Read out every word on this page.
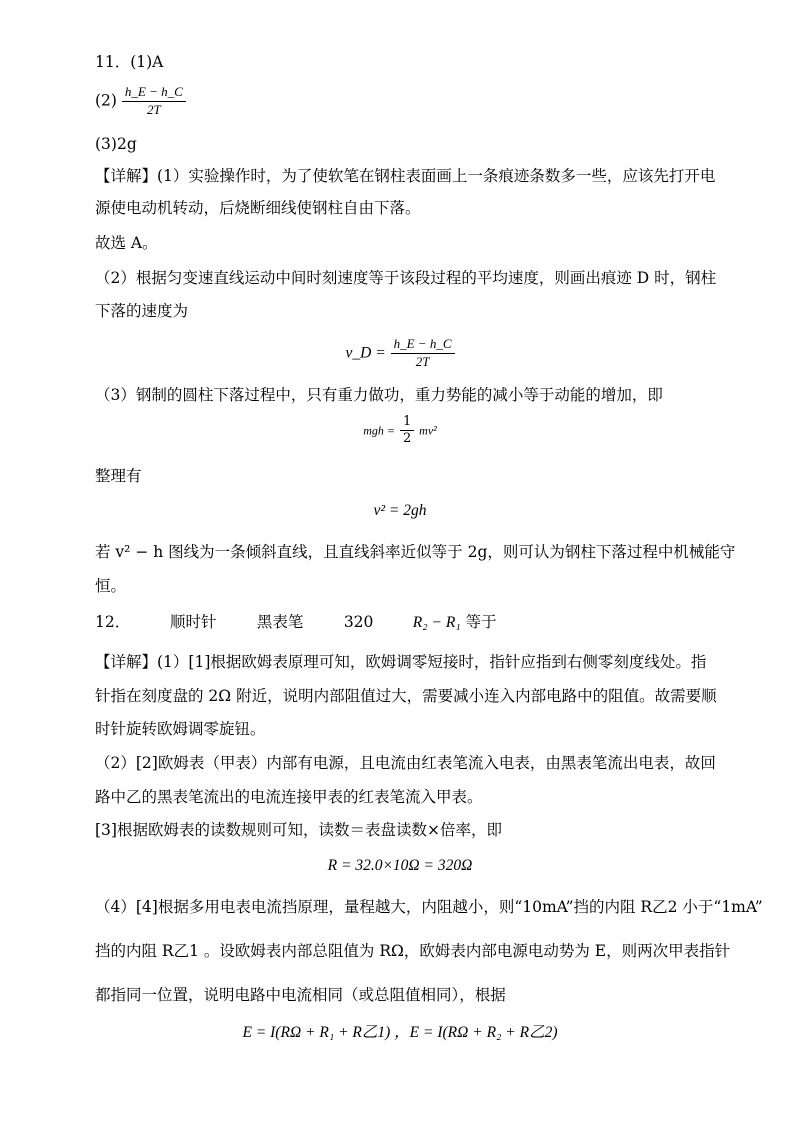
11．(1)A
$(2) \frac{h\_E - h\_C}{2T}$
(3)2g
【详解】(1）实验操作时，为了使软笔在钢柱表面画上一条痕迹条数多一些，应该先打开电
源使电动机转动，后烧断细线使钢柱自由下落。
故选 A。
（2）根据匀变速直线运动中间时刻速度等于该段过程的平均速度，则画出痕迹 D 时，钢柱
下落的速度为
v_D = $\frac{h\_E - h\_C}{2T}$
（3）钢制的圆柱下落过程中，只有重力做功，重力势能的减小等于动能的增加，即
mgh = $\frac{1}{2} mv^2$
整理有
v² = 2gh
若 v² − h 图线为一条倾斜直线，且直线斜率近似等于 2g，则可认为钢柱下落过程中机械能守
恒。
12．	顺时针	黑表笔	320	R₂ − R₁ 等于
【详解】(1）[1]根据欧姆表原理可知，欧姆调零短接时，指针应指到右侧零刻度线处。指
针指在刻度盘的 2Ω 附近，说明内部阻值过大，需要减小连入内部电路中的阻值。故需要顺
时针旋转欧姆调零旋钮。
（2）[2]欧姆表（甲表）内部有电源，且电流由红表笔流入电表，由黑表笔流出电表，故回
路中乙的黑表笔流出的电流连接甲表的红表笔流入甲表。
[3]根据欧姆表的读数规则可知，读数＝表盘读数×倍率，即
R = 32.0×10Ω = 320Ω
（4）[4]根据多用电表电流挡原理，量程越大，内阻越小，则“10mA”挡的内阻 R乙2 小于“1mA”
挡的内阻 R乙1 。设欧姆表内部总阻值为 RΩ，欧姆表内部电源电动势为 E，则两次甲表指针
都指同一位置，说明电路中电流相同（或总阻值相同），根据
E = I(RΩ + R₁ + R乙1) ，E = I(RΩ + R₂ + R乙2)
